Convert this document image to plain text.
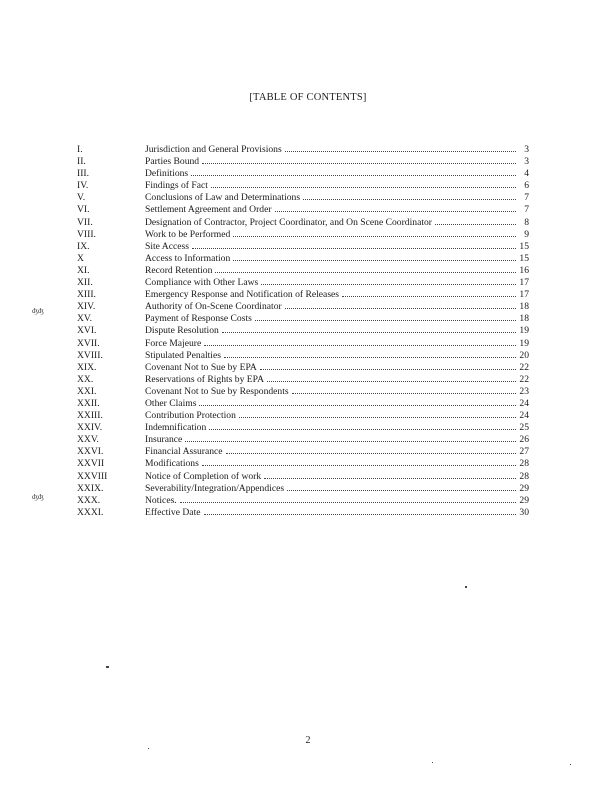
[TABLE OF CONTENTS]
I.	Jurisdiction and General Provisions	3
II.	Parties Bound	3
III.	Definitions	4
IV.	Findings of Fact	6
V.	Conclusions of Law and Determinations	7
VI.	Settlement Agreement and Order	7
VII.	Designation of Contractor, Project Coordinator, and On Scene Coordinator	8
VIII.	Work to be Performed	9
IX.	Site Access	15
X	Access to Information	15
XI.	Record Retention	16
XII.	Compliance with Other Laws	17
XIII.	Emergency Response and Notification of Releases	17
XIV.	Authority of On-Scene Coordinator	18
XV.	Payment of Response Costs	18
XVI.	Dispute Resolution	19
XVII.	Force Majeure	19
XVIII.	Stipulated Penalties	20
XIX.	Covenant Not to Sue by EPA	22
XX.	Reservations of Rights by EPA	22
XXI.	Covenant Not to Sue by Respondents	23
XXII.	Other Claims	24
XXIII.	Contribution Protection	24
XXIV.	Indemnification	25
XXV.	Insurance	26
XXVI.	Financial Assurance	27
XXVII	Modifications	28
XXVIII	Notice of Completion of work	28
XXIX.	Severability/Integration/Appendices	29
XXX.	Notices.	29
XXXI.	Effective Date	30
ʤʤ
ʤʤ
2
